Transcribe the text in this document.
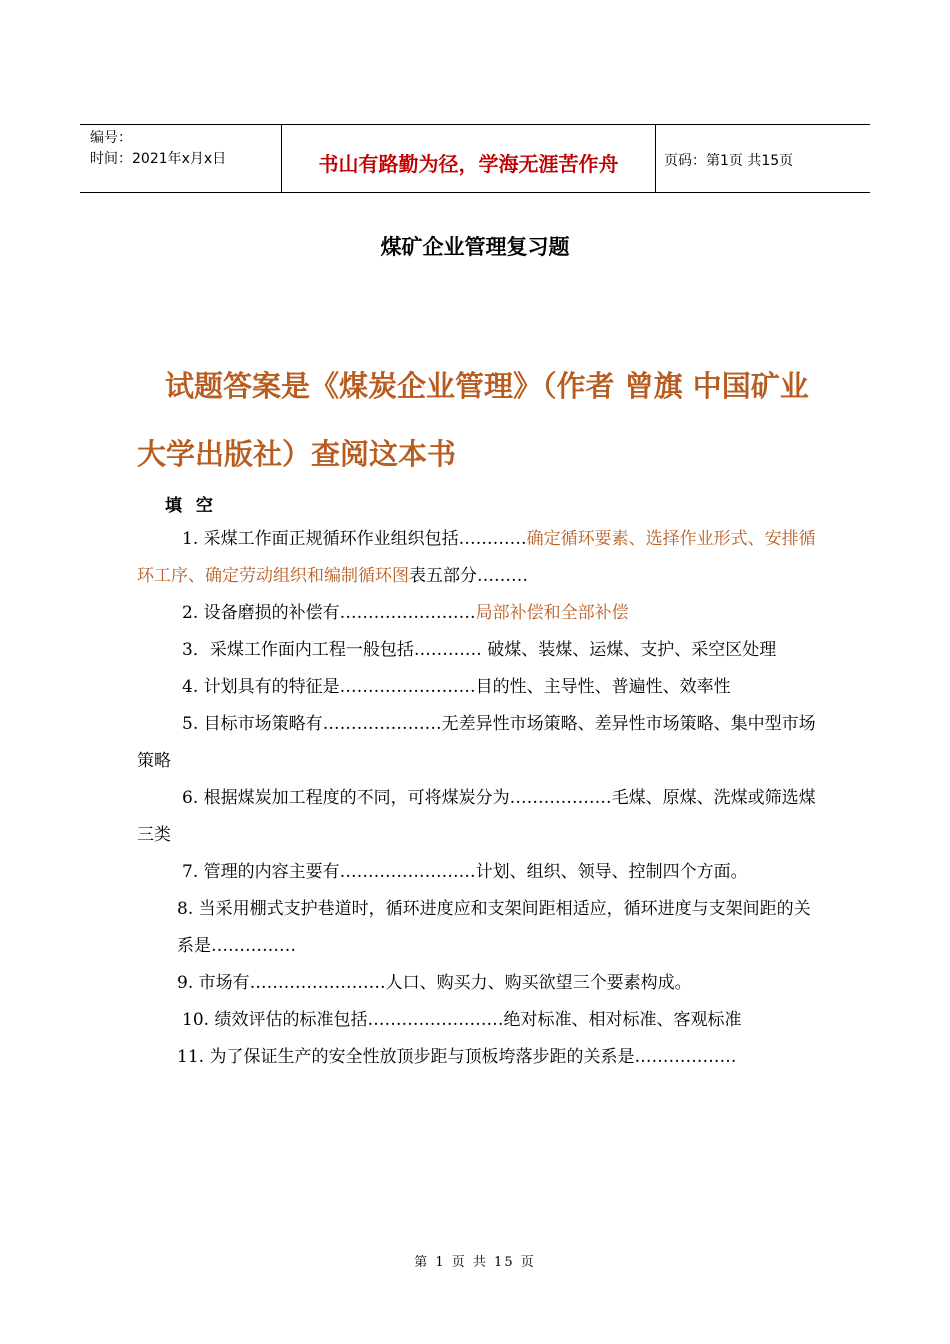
编号：
时间：2021年x月x日	书山有路勤为径，学海无涯苦作舟	页码：第1页 共15页
煤矿企业管理复习题
试题答案是《煤炭企业管理》（作者 曾旗 中国矿业大学出版社）查阅这本书
填 空

1. 采煤工作面正规循环作业组织包括…………确定循环要素、选择作业形式、安排循环工序、确定劳动组织和编制循环图表五部分………

2. 设备磨损的补偿有……………………局部补偿和全部补偿

3．采煤工作面内工程一般包括………… 破煤、装煤、运煤、支护、采空区处理

4. 计划具有的特征是……………………目的性、主导性、普遍性、效率性

5. 目标市场策略有…………………无差异性市场策略、差异性市场策略、集中型市场策略

6. 根据煤炭加工程度的不同，可将煤炭分为………………毛煤、原煤、洗煤或筛选煤三类

7. 管理的内容主要有……………………计划、组织、领导、控制四个方面。

8. 当采用棚式支护巷道时，循环进度应和支架间距相适应，循环进度与支架间距的关系是……………

9. 市场有……………………人口、购买力、购买欲望三个要素构成。

10. 绩效评估的标准包括……………………绝对标准、相对标准、客观标准

11. 为了保证生产的安全性放顶步距与顶板垮落步距的关系是………………

第 1 页 共 15 页
